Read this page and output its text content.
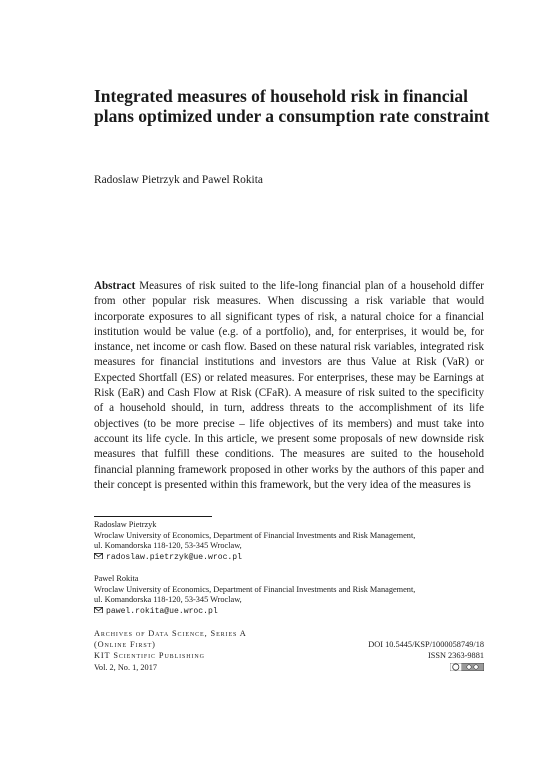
Integrated measures of household risk in financial plans optimized under a consumption rate constraint
Radoslaw Pietrzyk and Pawel Rokita

Abstract Measures of risk suited to the life-long financial plan of a household differ from other popular risk measures. When discussing a risk variable that would incorporate exposures to all significant types of risk, a natural choice for a financial institution would be value (e.g. of a portfolio), and, for enterprises, it would be, for instance, net income or cash flow. Based on these natural risk variables, integrated risk measures for financial institutions and investors are thus Value at Risk (VaR) or Expected Shortfall (ES) or related measures. For enterprises, these may be Earnings at Risk (EaR) and Cash Flow at Risk (CFaR). A measure of risk suited to the specificity of a household should, in turn, address threats to the accomplishment of its life objectives (to be more precise – life objectives of its members) and must take into account its life cycle. In this article, we present some proposals of new downside risk measures that fulfill these conditions. The measures are suited to the household financial planning framework proposed in other works by the authors of this paper and their concept is presented within this framework, but the very idea of the measures is

Radoslaw Pietrzyk
Wroclaw University of Economics, Department of Financial Investments and Risk Management,
ul. Komandorska 118-120, 53-345 Wroclaw,
radoslaw.pietrzyk@ue.wroc.pl
Pawel Rokita
Wroclaw University of Economics, Department of Financial Investments and Risk Management,
ul. Komandorska 118-120, 53-345 Wroclaw,
pawel.rokita@ue.wroc.pl
Archives of Data Science, Series A
(Online First)	DOI 10.5445/KSP/1000058749/18
KIT Scientific Publishing	ISSN 2363-9881
Vol. 2, No. 1, 2017
